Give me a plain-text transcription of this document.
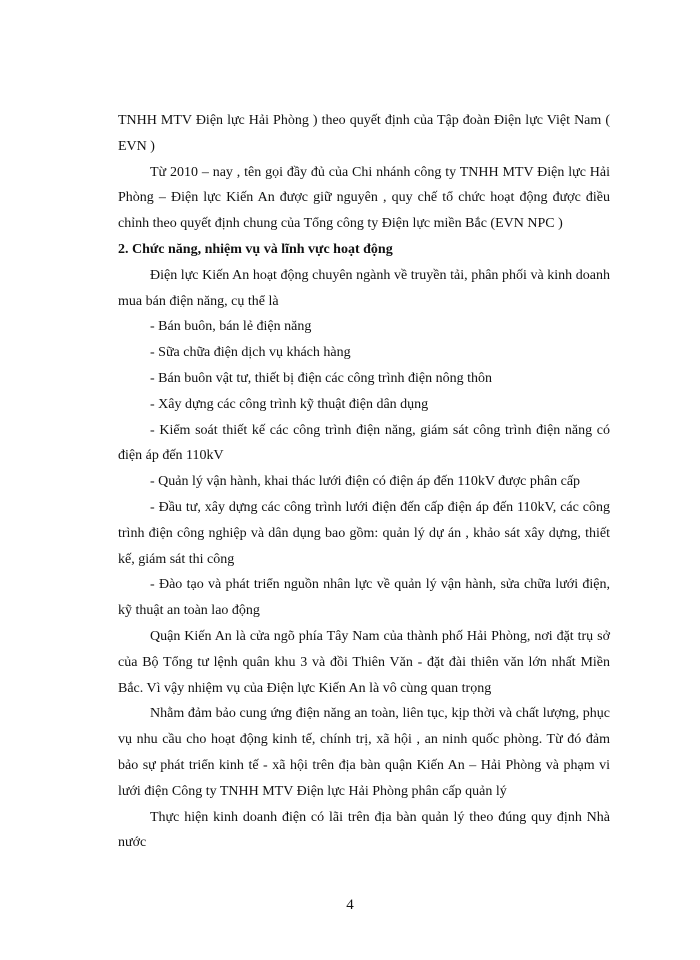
TNHH MTV Điện lực Hải Phòng ) theo quyết định của Tập đoàn Điện lực Việt Nam ( EVN )

Từ 2010 – nay , tên gọi đầy đủ của Chi nhánh công ty TNHH MTV Điện lực Hải Phòng – Điện lực Kiến An được giữ nguyên , quy chế tổ chức hoạt động được điều chỉnh theo quyết định chung của Tổng công ty Điện lực miền Bắc (EVN NPC )

2. Chức năng, nhiệm vụ và lĩnh vực hoạt động

Điện lực Kiến An hoạt động chuyên ngành về truyền tải, phân phối và kinh doanh mua bán điện năng, cụ thể là

- Bán buôn, bán lẻ điện năng

- Sữa chữa điện dịch vụ khách hàng

- Bán buôn vật tư, thiết bị điện các công trình điện nông thôn

- Xây dựng các công trình kỹ thuật điện dân dụng

- Kiểm soát thiết kế các công trình điện năng, giám sát công trình điện năng có điện áp đến 110kV

- Quản lý vận hành, khai thác lưới điện có điện áp đến 110kV được phân cấp

- Đầu tư, xây dựng các công trình lưới điện đến cấp điện áp đến 110kV, các công trình điện công nghiệp và dân dụng bao gồm: quản lý dự án , khảo sát xây dựng, thiết kế, giám sát thi công

- Đào tạo và phát triển nguồn nhân lực về quản lý vận hành, sửa chữa lưới điện, kỹ thuật an toàn lao động

Quận Kiến An là cửa ngõ phía Tây Nam của thành phố Hải Phòng, nơi đặt trụ sở của Bộ Tổng tư lệnh quân khu 3 và đồi Thiên Văn - đặt đài thiên văn lớn nhất Miền Bắc. Vì vậy nhiệm vụ của Điện lực Kiến An là vô cùng quan trọng

Nhằm đảm bảo cung ứng điện năng an toàn, liên tục, kịp thời và chất lượng, phục vụ nhu cầu cho hoạt động kinh tế, chính trị, xã hội , an ninh quốc phòng. Từ đó đảm bảo sự phát triển kinh tế - xã hội trên địa bàn quận Kiến An – Hải Phòng và phạm vi lưới điện Công ty TNHH MTV Điện lực Hải Phòng phân cấp quản lý

Thực hiện kinh doanh điện có lãi trên địa bàn quản lý theo đúng quy định Nhà nước

4
